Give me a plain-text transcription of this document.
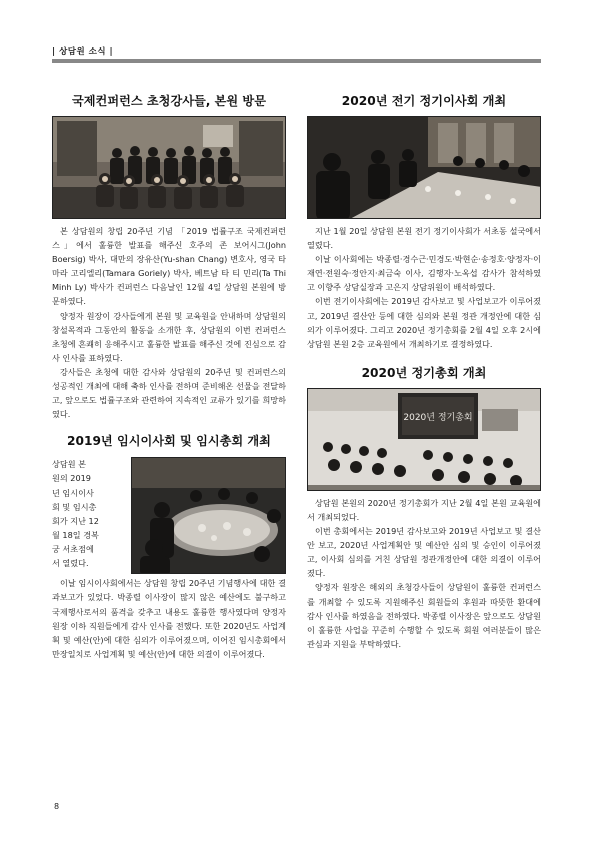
| 상담원 소식 |
국제컨퍼런스 초청강사들, 본원 방문

본 상담원의 창립 20주년 기념 「2019 법률구조 국제컨퍼런스」에서 훌륭한 발표를 해주신 호주의 존 보어시그(John Boersig) 박사, 대만의 장유산(Yu-shan Chang) 변호사, 영국 타마라 고리엘리(Tamara Goriely) 박사, 베트남 타 티 민리(Ta Thi Minh Ly) 박사가 컨퍼런스 다음날인 12월 4일 상담원 본원에 방문하였다.

양정자 원장이 강사들에게 본원 및 교육원을 안내하며 상담원의 창설목적과 그동안의 활동을 소개한 후, 상담원의 이번 컨퍼런스 초청에 흔쾌히 응해주시고 훌륭한 발표를 해주신 것에 진심으로 감사 인사를 표하였다.

강사들은 초청에 대한 감사와 상담원의 20주년 및 컨퍼런스의 성공적인 개최에 대해 축하 인사를 전하며 준비해온 선물을 전달하고, 앞으로도 법률구조와 관련하여 지속적인 교류가 있기를 희망하였다.

2019년 임시이사회 및 임시총회 개최

상담원 본
원의 2019
년 임시이사
회 및 임시총
회가 지난 12
월 18일 경복
궁 서초점에
서 열렸다.

이날 임시이사회에서는 상담원 창립 20주년 기념행사에 대한 결과보고가 있었다. 박종렬 이사장이 많지 않은 예산에도 불구하고 국제행사로서의 품격을 갖추고 내용도 훌륭한 행사였다며 양정자 원장 이하 직원들에게 감사 인사를 전했다. 또한 2020년도 사업계획 및 예산(안)에 대한 심의가 이루어졌으며, 이어진 임시총회에서 만장일치로 사업계획 및 예산(안)에 대한 의결이 이루어졌다.

2020년 전기 정기이사회 개최

지난 1월 20일 상담원 본원 전기 정기이사회가 서초동 설국에서 열렸다.

이날 이사회에는 박종렬·경수근·민경도·박현순·송정호·양정자·이재연·전원숙·정안지·최금숙 이사, 김행자·노옥섭 감사가 참석하였고 이향주 상담실장과 고은지 상담위원이 배석하였다.

이번 전기이사회에는 2019년 감사보고 및 사업보고가 이루어졌고, 2019년 결산안 등에 대한 심의와 본원 정관 개정안에 대한 심의가 이루어졌다. 그리고 2020년 정기총회를 2월 4일 오후 2시에 상담원 본원 2층 교육원에서 개최하기로 결정하였다.

2020년 정기총회 개최
2020년 정기총회

상담원 본원의 2020년 정기총회가 지난 2월 4일 본원 교육원에서 개최되었다.

이번 총회에서는 2019년 감사보고와 2019년 사업보고 및 결산안 보고, 2020년 사업계획안 및 예산안 심의 및 승인이 이루어졌고, 이사회 심의를 거친 상담원 정관개정안에 대한 의결이 이루어졌다.

양정자 원장은 해외의 초청강사들이 상담원이 훌륭한 컨퍼런스를 개최할 수 있도록 지원해주신 회원들의 후원과 따뜻한 환대에 감사 인사를 하였음을 전하였다. 박종렬 이사장은 앞으로도 상담원이 훌륭한 사업을 꾸준히 수행할 수 있도록 회원 여러분들이 많은 관심과 지원을 부탁하였다.

8
